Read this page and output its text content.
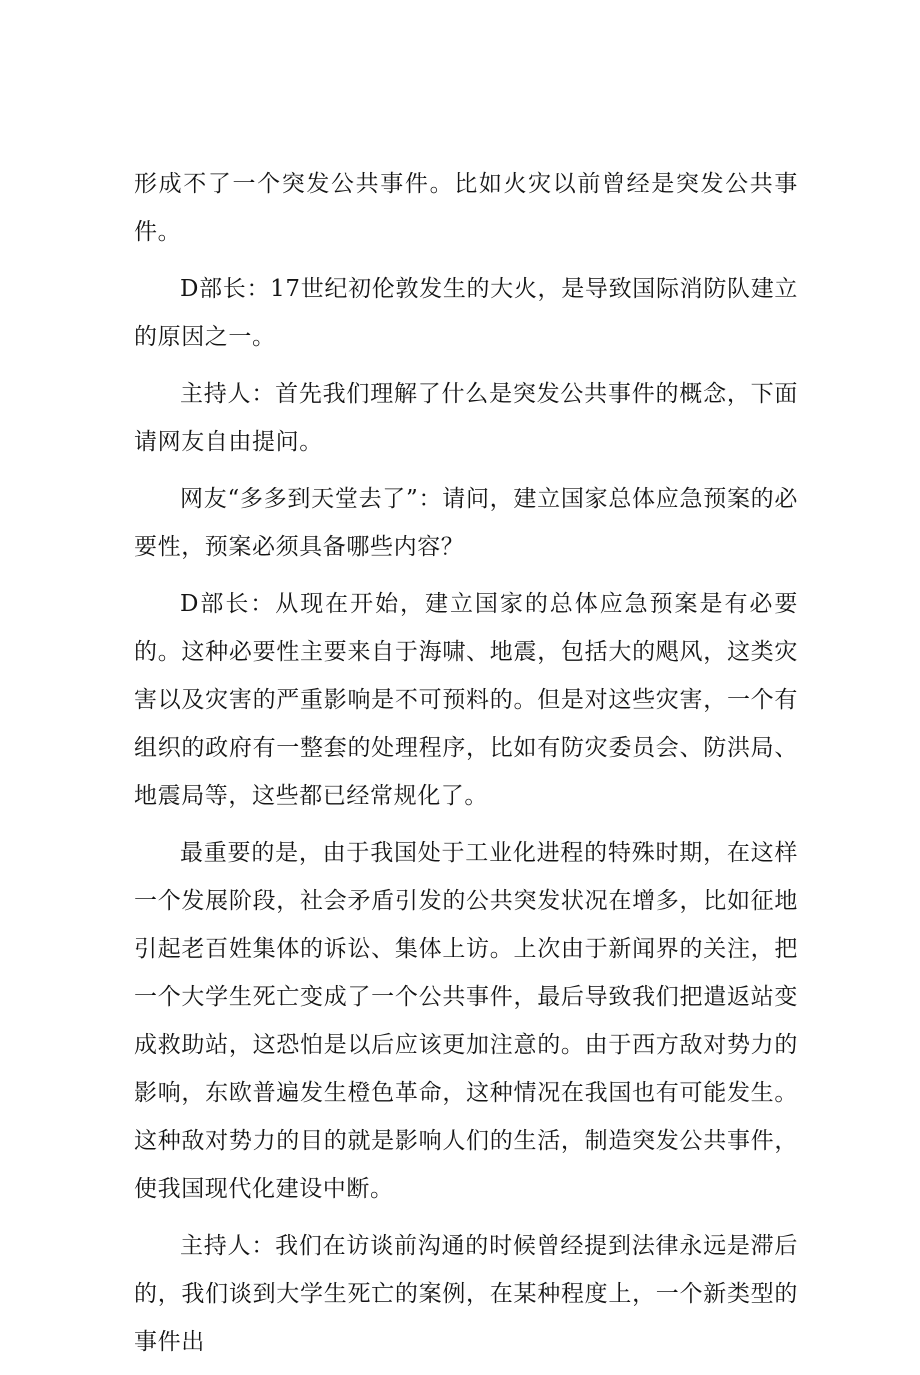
形成不了一个突发公共事件。比如火灾以前曾经是突发公共事件。

D部长：17世纪初伦敦发生的大火，是导致国际消防队建立的原因之一。

主持人：首先我们理解了什么是突发公共事件的概念，下面请网友自由提问。

网友“多多到天堂去了”：请问，建立国家总体应急预案的必要性，预案必须具备哪些内容？

D部长：从现在开始，建立国家的总体应急预案是有必要的。这种必要性主要来自于海啸、地震，包括大的飓风，这类灾害以及灾害的严重影响是不可预料的。但是对这些灾害，一个有组织的政府有一整套的处理程序，比如有防灾委员会、防洪局、地震局等，这些都已经常规化了。

最重要的是，由于我国处于工业化进程的特殊时期，在这样一个发展阶段，社会矛盾引发的公共突发状况在增多，比如征地引起老百姓集体的诉讼、集体上访。上次由于新闻界的关注，把一个大学生死亡变成了一个公共事件，最后导致我们把遣返站变成救助站，这恐怕是以后应该更加注意的。由于西方敌对势力的影响，东欧普遍发生橙色革命，这种情况在我国也有可能发生。这种敌对势力的目的就是影响人们的生活，制造突发公共事件，使我国现代化建设中断。

主持人：我们在访谈前沟通的时候曾经提到法律永远是滞后的，我们谈到大学生死亡的案例，在某种程度上，一个新类型的事件出
